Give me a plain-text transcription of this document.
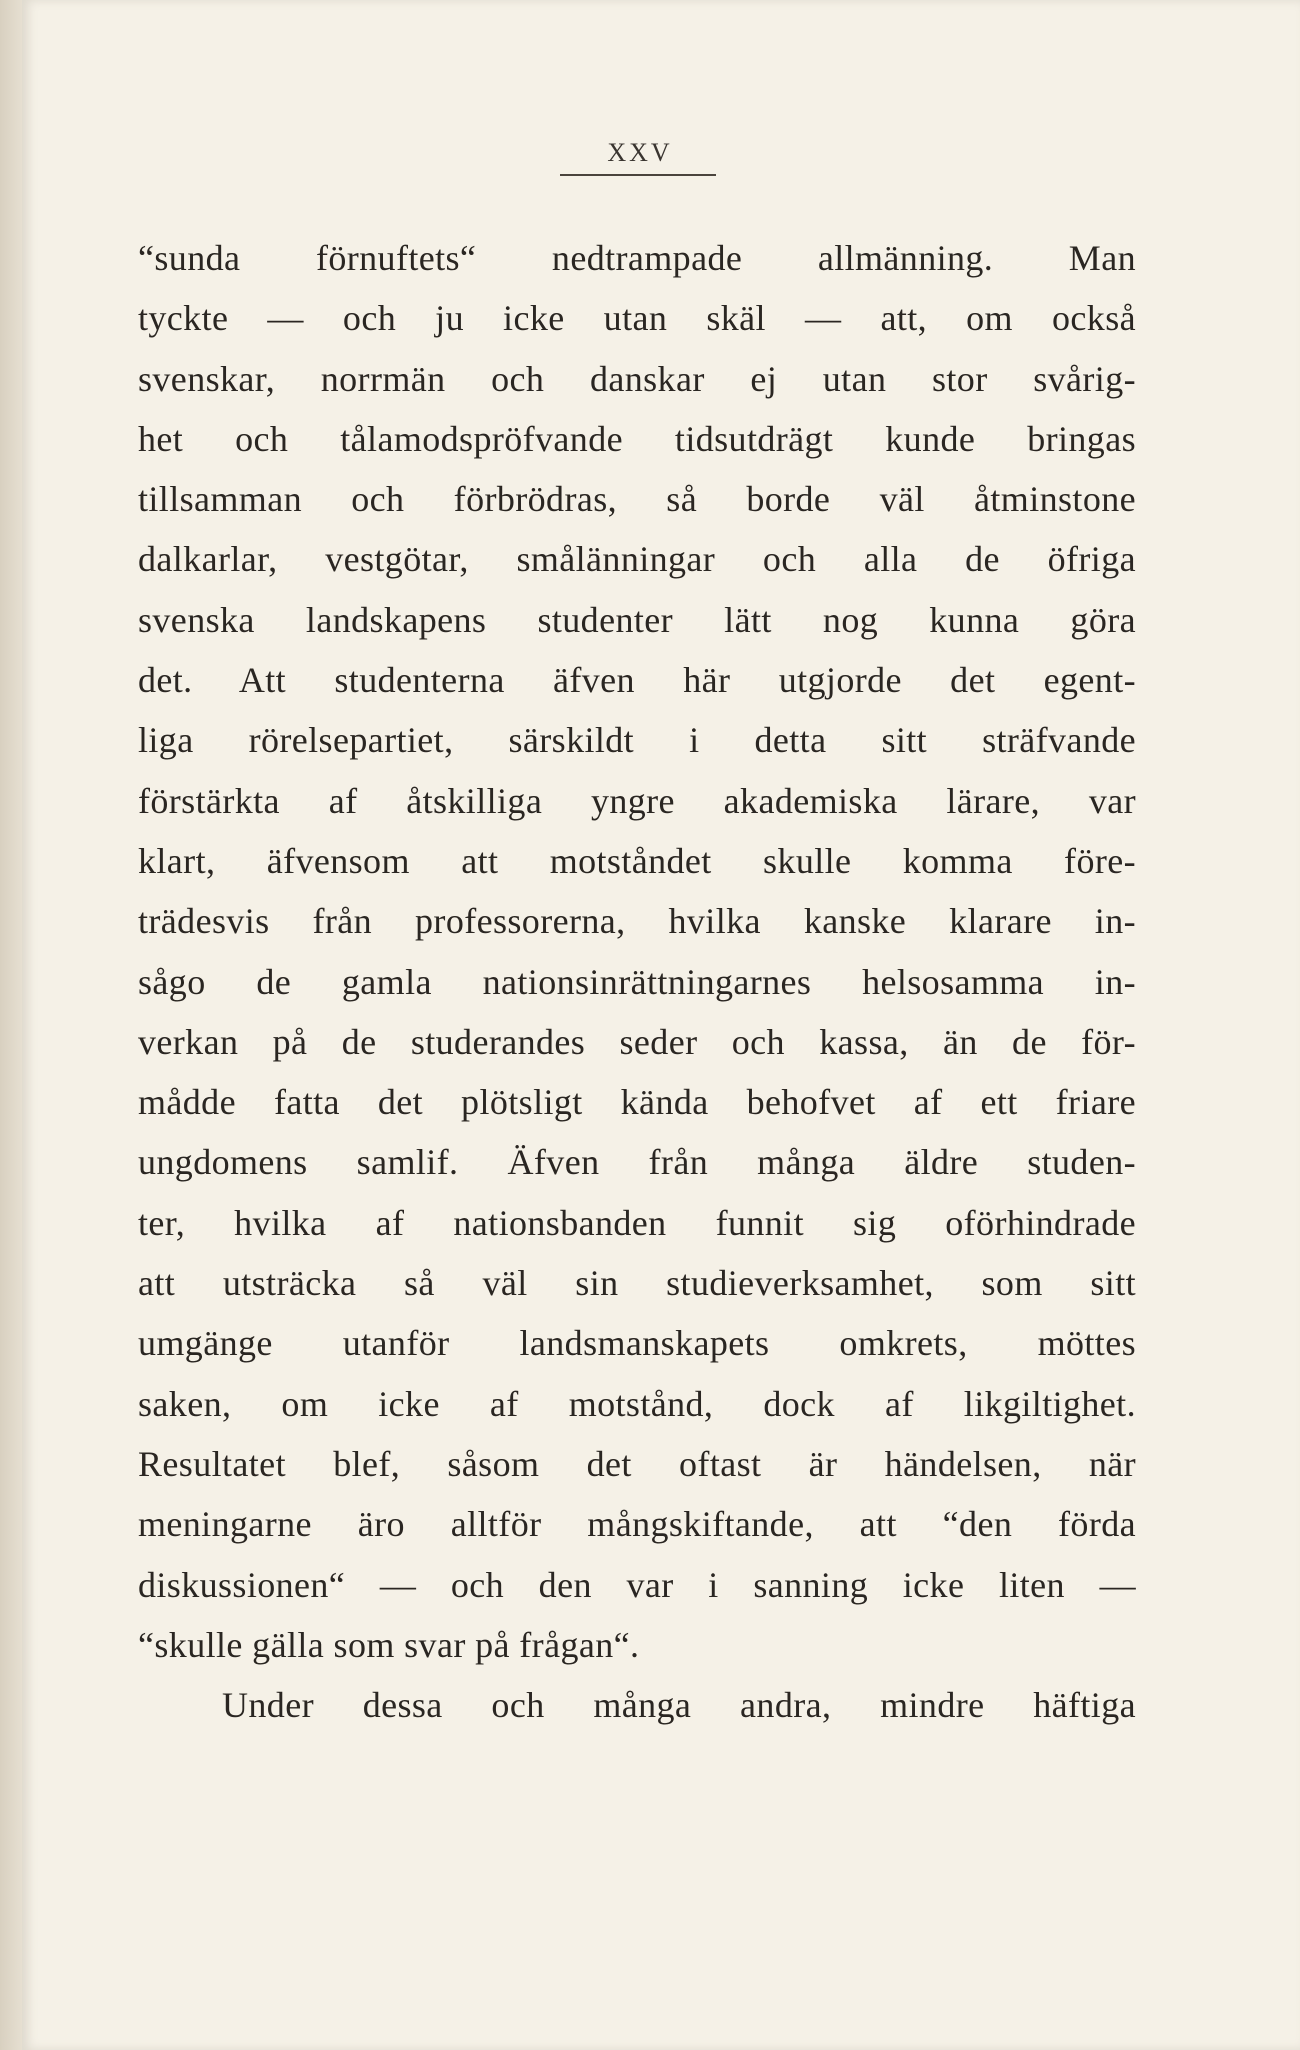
XXV
“sunda förnuftets“ nedtrampade allmänning. Man
tyckte — och ju icke utan skäl — att, om också
svenskar, norrmän och danskar ej utan stor svårig-
het och tålamodspröfvande tidsutdrägt kunde bringas
tillsamman och förbrödras, så borde väl åtminstone
dalkarlar, vestgötar, smålänningar och alla de öfriga
svenska landskapens studenter lätt nog kunna göra
det. Att studenterna äfven här utgjorde det egent-
liga rörelsepartiet, särskildt i detta sitt sträfvande
förstärkta af åtskilliga yngre akademiska lärare, var
klart, äfvensom att motståndet skulle komma före-
trädesvis från professorerna, hvilka kanske klarare in-
sågo de gamla nationsinrättningarnes helsosamma in-
verkan på de studerandes seder och kassa, än de för-
mådde fatta det plötsligt kända behofvet af ett friare
ungdomens samlif. Äfven från många äldre studen-
ter, hvilka af nationsbanden funnit sig oförhindrade
att utsträcka så väl sin studieverksamhet, som sitt
umgänge utanför landsmanskapets omkrets, möttes
saken, om icke af motstånd, dock af likgiltighet.
Resultatet blef, såsom det oftast är händelsen, när
meningarne äro alltför mångskiftande, att “den förda
diskussionen“ — och den var i sanning icke liten —
“skulle gälla som svar på frågan“.
Under dessa och många andra, mindre häftiga
